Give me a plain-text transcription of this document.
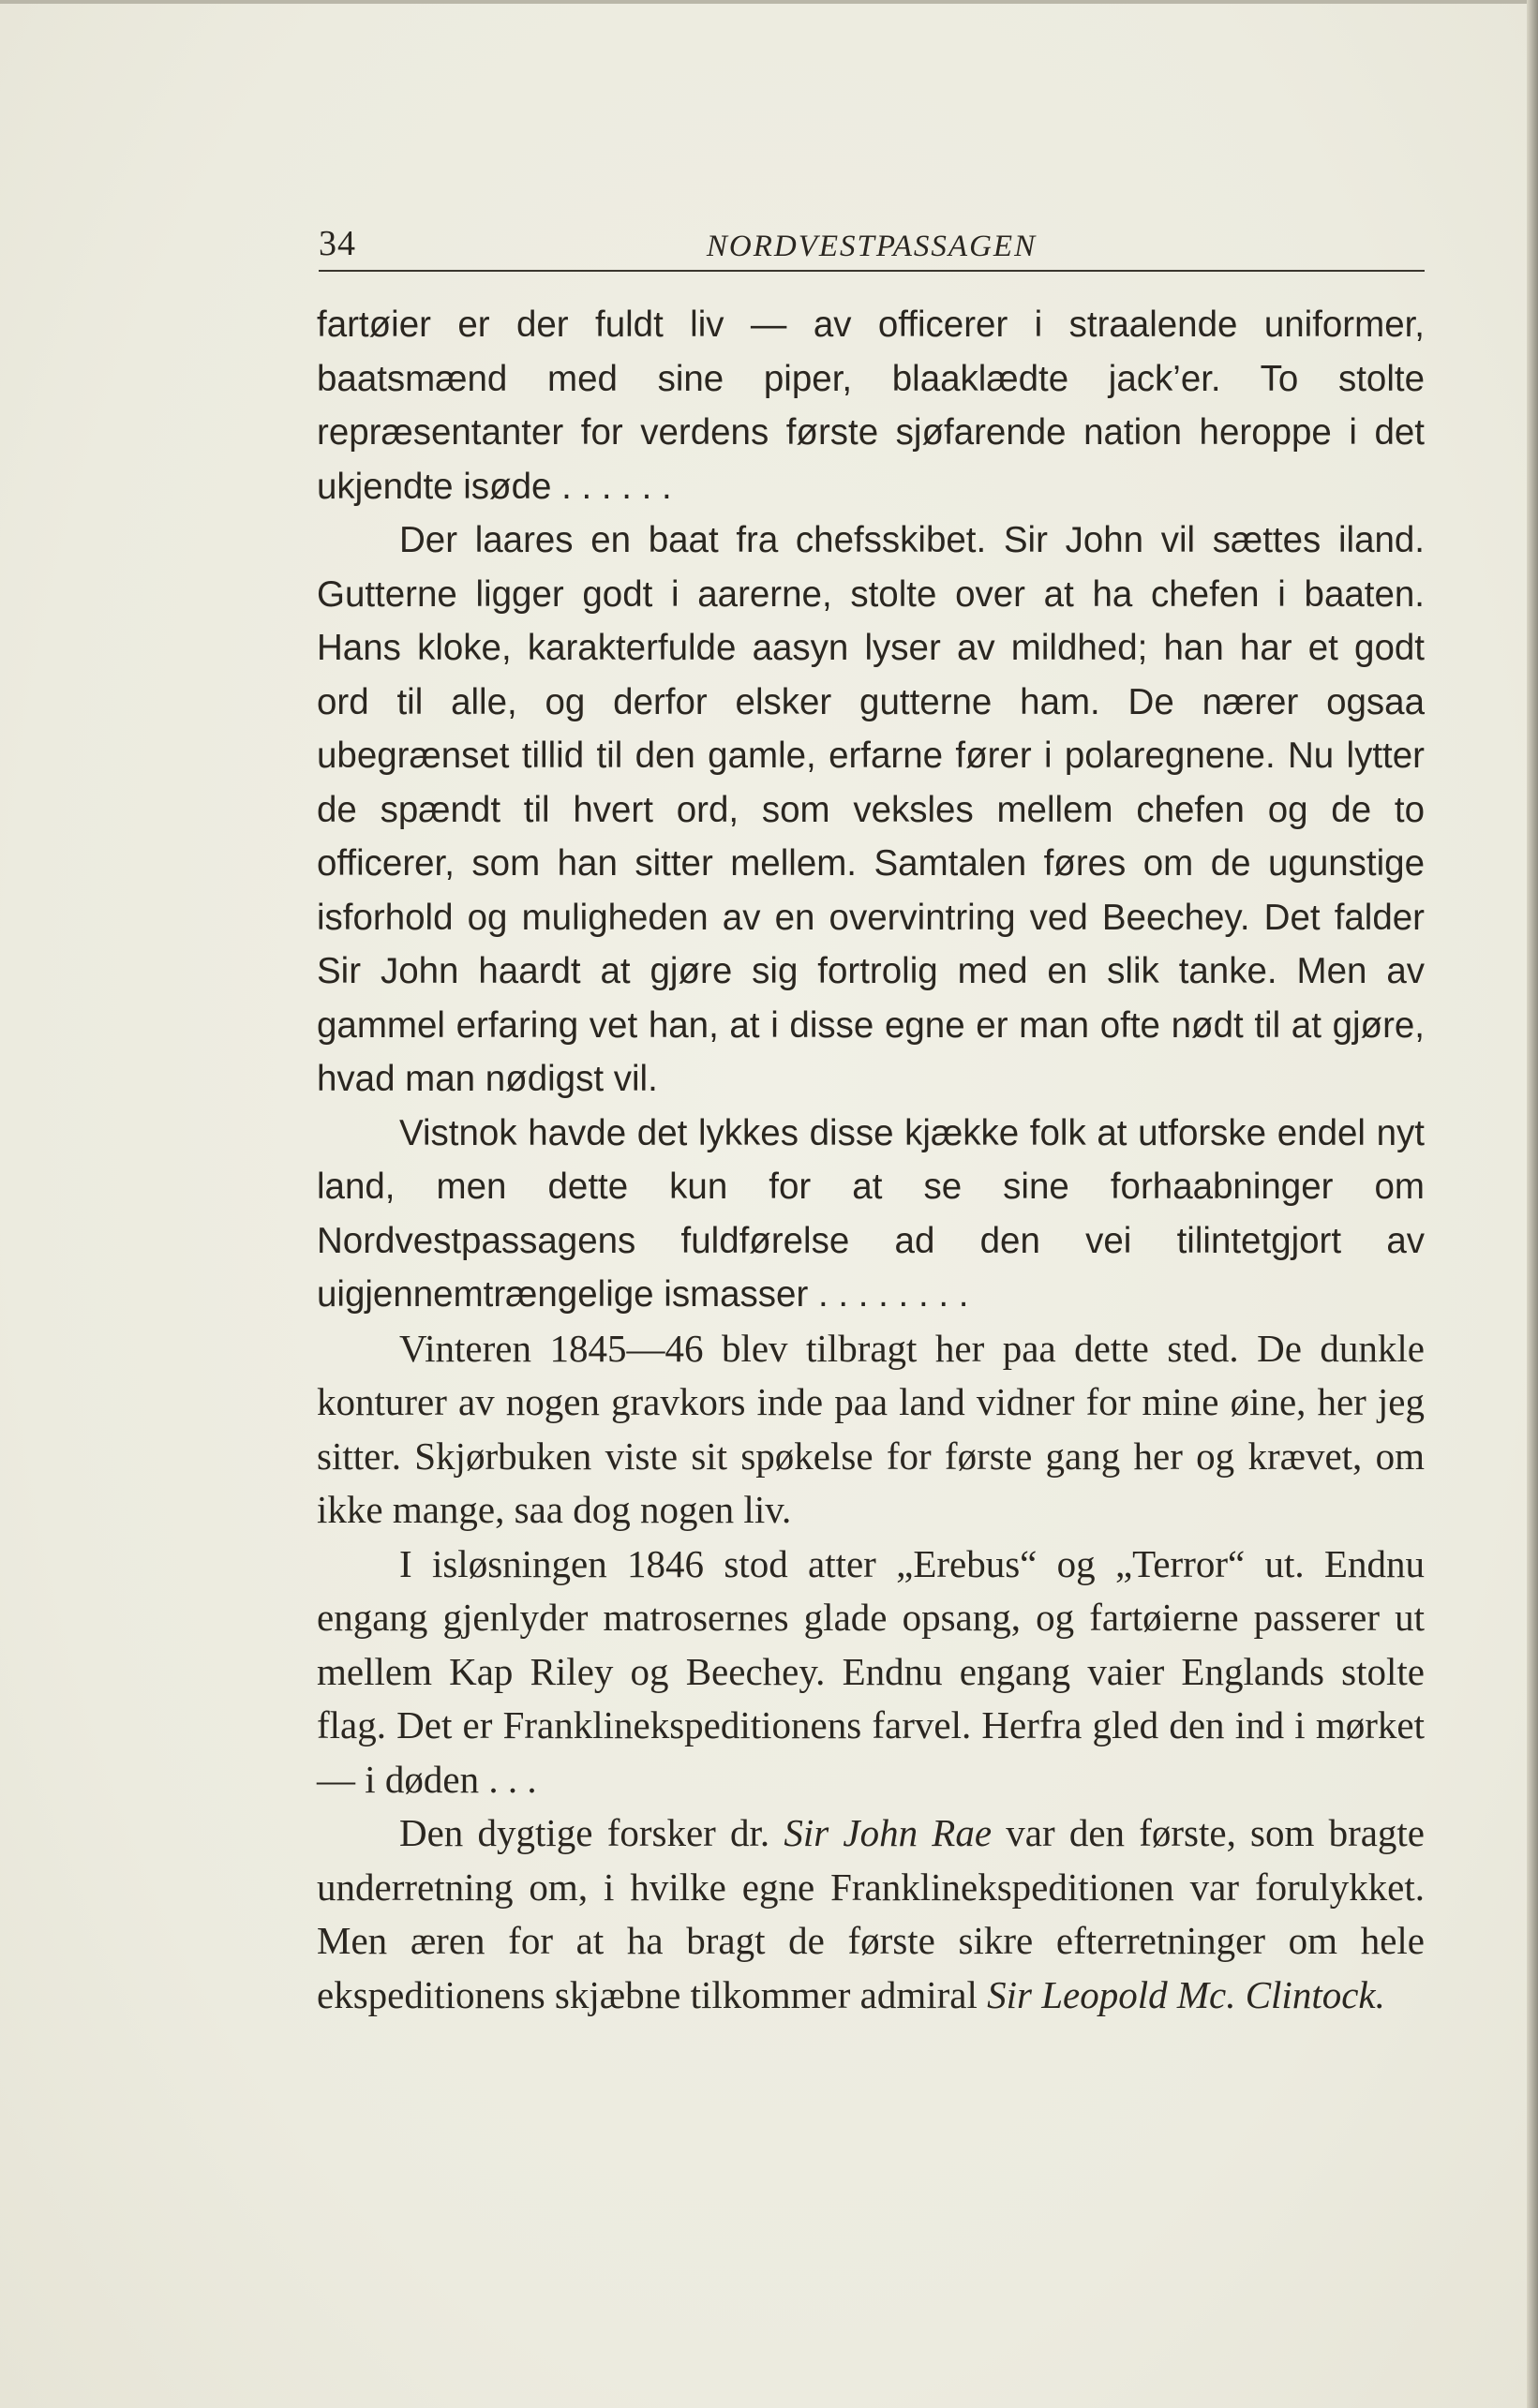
34	NORDVESTPASSAGEN

fartøier er der fuldt liv — av officerer i straalende uniformer, baatsmænd med sine piper, blaaklædte jack’er. To stolte repræsentanter for verdens første sjøfarende nation heroppe i det ukjendte isøde . . . . . .

Der laares en baat fra chefsskibet. Sir John vil sættes iland. Gutterne ligger godt i aarerne, stolte over at ha chefen i baaten. Hans kloke, karakterfulde aasyn lyser av mildhed; han har et godt ord til alle, og derfor elsker gutterne ham. De nærer ogsaa ubegrænset tillid til den gamle, erfarne fører i polaregnene. Nu lytter de spændt til hvert ord, som veksles mellem chefen og de to officerer, som han sitter mellem. Samtalen føres om de ugunstige isforhold og muligheden av en overvintring ved Beechey. Det falder Sir John haardt at gjøre sig fortrolig med en slik tanke. Men av gammel erfaring vet han, at i disse egne er man ofte nødt til at gjøre, hvad man nødigst vil.

Vistnok havde det lykkes disse kjække folk at utforske endel nyt land, men dette kun for at se sine forhaabninger om Nordvestpassagens fuldførelse ad den vei tilintetgjort av uigjennemtrængelige ismasser . . . . . . . .

Vinteren 1845—46 blev tilbragt her paa dette sted. De dunkle konturer av nogen gravkors inde paa land vidner for mine øine, her jeg sitter. Skjørbuken viste sit spøkelse for første gang her og krævet, om ikke mange, saa dog nogen liv.

I isløsningen 1846 stod atter „Erebus“ og „Terror“ ut. Endnu engang gjenlyder matrosernes glade opsang, og fartøierne passerer ut mellem Kap Riley og Beechey. Endnu engang vaier Englands stolte flag. Det er Franklinekspeditionens farvel. Herfra gled den ind i mørket — i døden . . .

Den dygtige forsker dr. Sir John Rae var den første, som bragte underretning om, i hvilke egne Franklinekspeditionen var forulykket. Men æren for at ha bragt de første sikre efterretninger om hele ekspeditionens skjæbne tilkommer admiral Sir Leopold Mc. Clintock.
